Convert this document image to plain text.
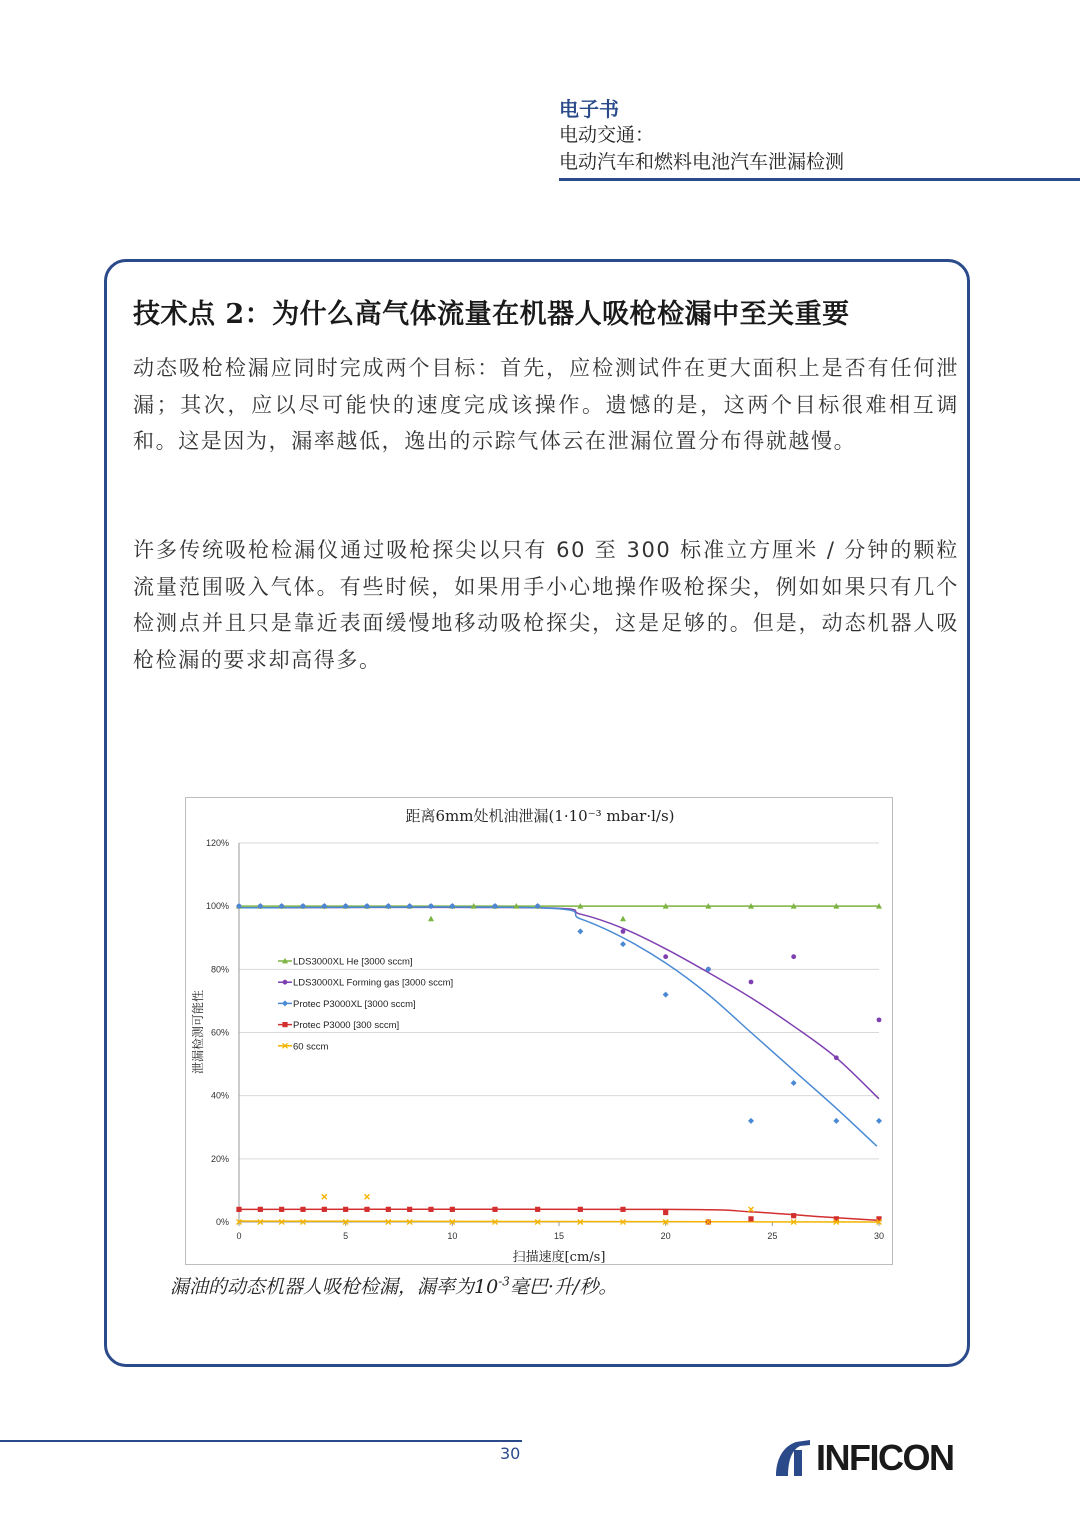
电子书
电动交通：
电动汽车和燃料电池汽车泄漏检测
技术点 2：为什么高气体流量在机器人吸枪检漏中至关重要
动态吸枪检漏应同时完成两个目标：首先，应检测试件在更大面积上是否有任何泄漏；其次，应以尽可能快的速度完成该操作。遗憾的是，这两个目标很难相互调和。这是因为，漏率越低，逸出的示踪气体云在泄漏位置分布得就越慢。
许多传统吸枪检漏仪通过吸枪探尖以只有 60 至 300 标准立方厘米 / 分钟的颗粒流量范围吸入气体。有些时候，如果用手小心地操作吸枪探尖，例如如果只有几个检测点并且只是靠近表面缓慢地移动吸枪探尖，这是足够的。但是，动态机器人吸枪检漏的要求却高得多。
距离6mm处机油泄漏(1·10⁻³ mbar·l/s)
0%
20%
40%
60%
80%
100%
120%
0	5	10	15	20	25	30
LDS3000XL He [3000 sccm]
LDS3000XL Forming gas [3000 sccm]
Protec P3000XL [3000 sccm]
Protec P3000 [300 sccm]
60 sccm
扫描速度[cm/s]
泄漏检测可能性
漏油的动态机器人吸枪检漏，漏率为$10^{-3}$毫巴·升/秒。
30	INFICON
